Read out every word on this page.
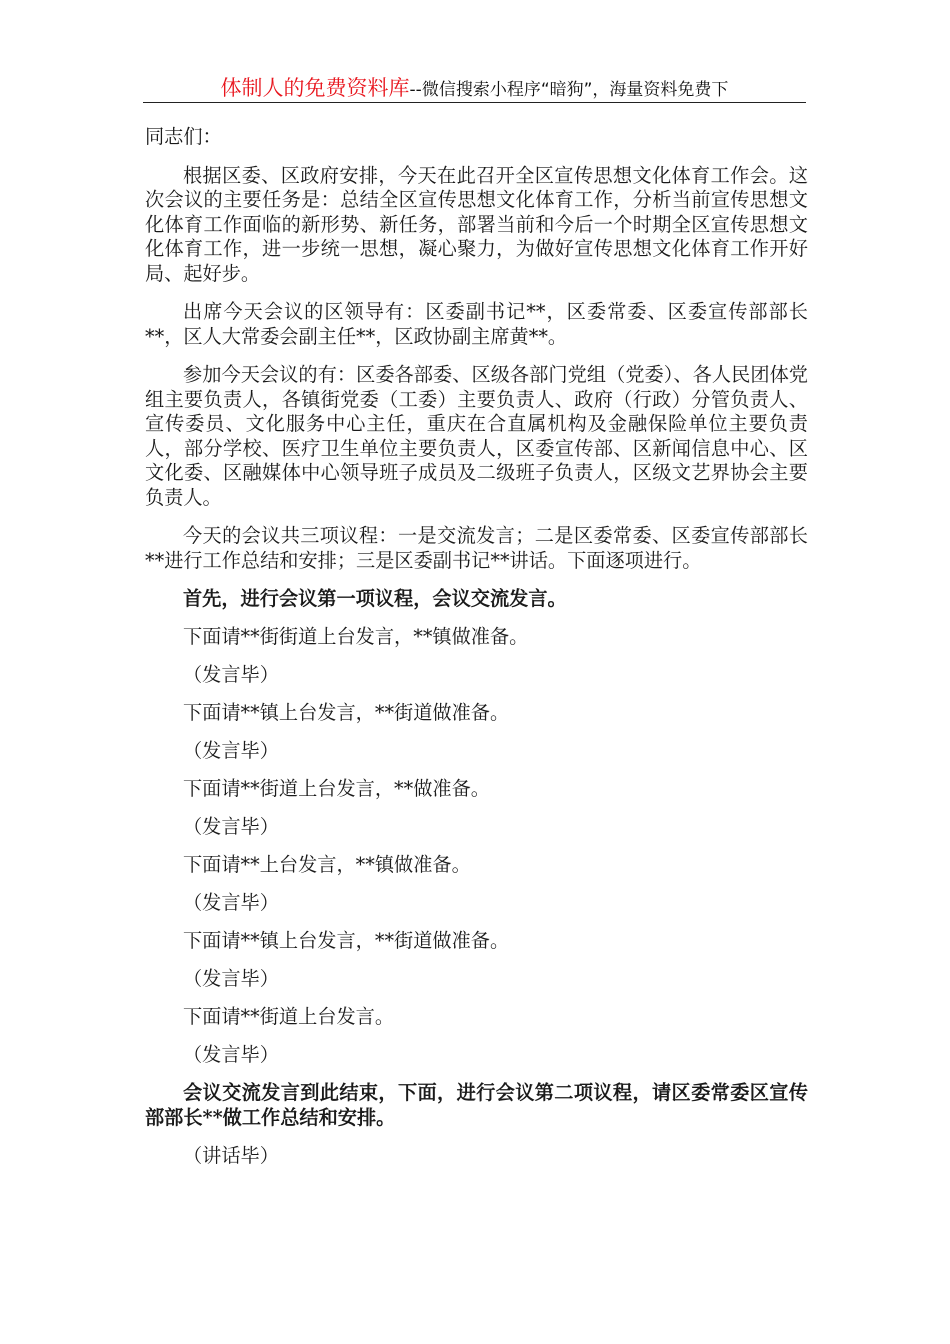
体制人的免费资料库--微信搜索小程序“暗狗”，海量资料免费下

同志们：

根据区委、区政府安排，今天在此召开全区宣传思想文化体育工作会。这次会议的主要任务是：总结全区宣传思想文化体育工作，分析当前宣传思想文化体育工作面临的新形势、新任务，部署当前和今后一个时期全区宣传思想文化体育工作，进一步统一思想，凝心聚力，为做好宣传思想文化体育工作开好局、起好步。

出席今天会议的区领导有：区委副书记**，区委常委、区委宣传部部长**，区人大常委会副主任**，区政协副主席黄**。

参加今天会议的有：区委各部委、区级各部门党组（党委）、各人民团体党组主要负责人，各镇街党委（工委）主要负责人、政府（行政）分管负责人、宣传委员、文化服务中心主任，重庆在合直属机构及金融保险单位主要负责人，部分学校、医疗卫生单位主要负责人，区委宣传部、区新闻信息中心、区文化委、区融媒体中心领导班子成员及二级班子负责人，区级文艺界协会主要负责人。

今天的会议共三项议程：一是交流发言；二是区委常委、区委宣传部部长**进行工作总结和安排；三是区委副书记**讲话。下面逐项进行。

首先，进行会议第一项议程，会议交流发言。

下面请**街街道上台发言，**镇做准备。

（发言毕）

下面请**镇上台发言，**街道做准备。

（发言毕）

下面请**街道上台发言，**做准备。

（发言毕）

下面请**上台发言，**镇做准备。

（发言毕）

下面请**镇上台发言，**街道做准备。

（发言毕）

下面请**街道上台发言。

（发言毕）

会议交流发言到此结束，下面，进行会议第二项议程，请区委常委区宣传部部长**做工作总结和安排。

（讲话毕）
